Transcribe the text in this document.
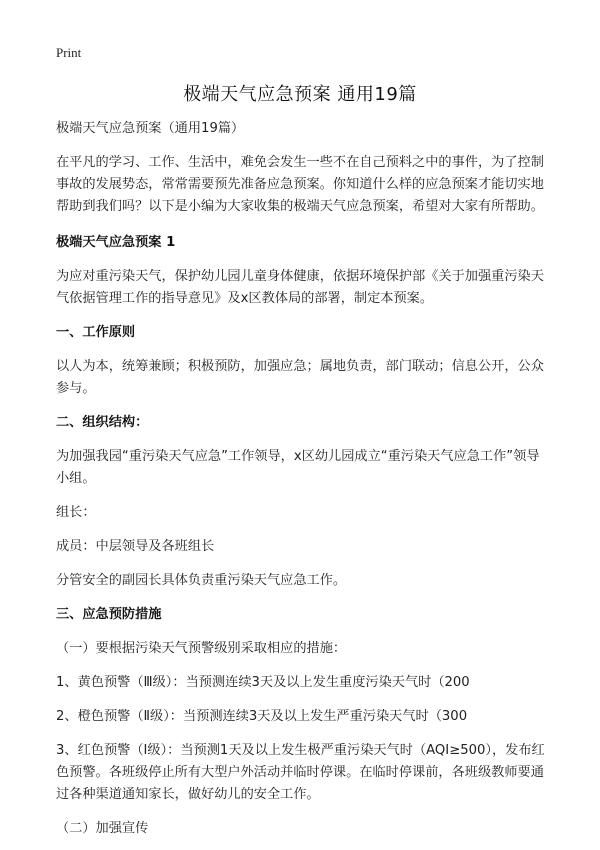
Print
极端天气应急预案 通用19篇
极端天气应急预案（通用19篇）

在平凡的学习、工作、生活中，难免会发生一些不在自己预料之中的事件，为了控制事故的发展势态，常常需要预先准备应急预案。你知道什么样的应急预案才能切实地帮助到我们吗？以下是小编为大家收集的极端天气应急预案，希望对大家有所帮助。

极端天气应急预案 1

为应对重污染天气，保护幼儿园儿童身体健康，依据环境保护部《关于加强重污染天气依据管理工作的指导意见》及x区教体局的部署，制定本预案。

一、工作原则

以人为本，统筹兼顾；积极预防，加强应急；属地负责，部门联动；信息公开，公众参与。

二、组织结构：

为加强我园“重污染天气应急”工作领导，x区幼儿园成立“重污染天气应急工作”领导小组。

组长：

成员：中层领导及各班组长

分管安全的副园长具体负责重污染天气应急工作。

三、应急预防措施

（一）要根据污染天气预警级别采取相应的措施：

1、黄色预警（Ⅲ级）：当预测连续3天及以上发生重度污染天气时（200

2、橙色预警（Ⅱ级）：当预测连续3天及以上发生严重污染天气时（300

3、红色预警（Ⅰ级）：当预测1天及以上发生极严重污染天气时（AQI≥500），发布红色预警。各班级停止所有大型户外活动并临时停课。在临时停课前，各班级教师要通过各种渠道通知家长，做好幼儿的安全工作。

（二）加强宣传
